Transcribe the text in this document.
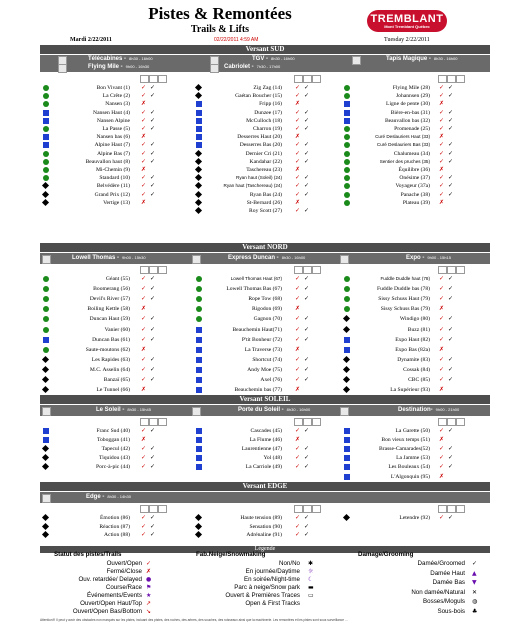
Pistes & Remontées
Trails & Lifts
TREMBLANT
Mont Tremblant Québec
Mardi 2/22/2011	02/22/2011 4:59 AM	Tuesday 2/22/2011
Versant SUD
Télécabines - 8h30 - 16h00
Flying Mile - 9h00 - 16h30
TGV - 8h30 - 16h00
Cabriolet - 7h30 - 17h00
Tapis Magique - 8h30 - 16h00
Bon Vivant (1) ✓ ✓
La Crête (2) ✓ ✓
Nansen (3) ✗
Nansen Haut (4) ✓ ✓
Nansen Alpine ✓ ✓
La Passe (5) ✓ ✓
Nansen bas (6) ✗
Alpine Haut (7) ✓ ✓
Alpine Bas (7) ✓ ✓
Beauvallon haut (8) ✓ ✓
Mi-Chemin (9) ✗
Standard (10) ✓ ✓
Belvédère (11) ✓ ✓
Grand Prix (12) ✓ ✓
Vertige (13) ✗
Zig Zag (14) ✓ ✓
Gaétan Boucher (15) ✓ ✓
Fripp (16) ✗
Dunzee (17) ✓ ✓
McCulloch (18) ✓ ✓
Charron (19) ✓ ✓
Desserres Haut (20) ✗
Desserres Bas (20) ✓ ✓
Dernier Cri (21) ✓ ✓
Kandahar (22) ✓ ✓
Taschereau (23) ✗
Ryan haut (Soleil) (24) ✓ ✓
Ryan haut (Taschereau) (24) ✓ ✓
Ryan Bas (24) ✓ ✓
St-Bernard (26) ✗
Roy Scott (27) ✓ ✓
Flying Mile (28) ✓ ✓
Johannsen (29) ✓ ✓
Ligne de pente (30) ✗
Bière-en-bas (31) ✓ ✓
Beauvallon bas (32) ✓ ✓
Promenade (25) ✓ ✓
Curé Deslauriers Haut (33) ✗
Curé Deslauriers Bas (33) ✓ ✓
Chalumeau (34) ✓ ✓
Sentier des pruches (35) ✓ ✓
Équilibre (36) ✗
Onésime (37) ✓ ✓
Voyageur (37a) ✓ ✓
Panache (38) ✓ ✓
Plateau (39) ✗
Versant NORD
Lowell Thomas - 9h00 - 15h30	Express Duncan - 8h30 - 16h00	Expo - 9h00 - 15h15
Géant (55) ✓ ✓
Boomerang (56) ✓ ✓
Devil's River (57) ✓ ✓
Boiling Kettle (58) ✗
Duncan Haut (59) ✓ ✓
Vanier (60) ✓ ✓
Duncan Bas (61) ✓ ✓
Saute-moutons (62) ✗
Les Rapides (63) ✓ ✓
M.C. Asselin (64) ✓ ✓
Banzaï (65) ✓ ✓
Le Tunnel (66) ✗
Lowell Thomas Haut (67) ✓ ✓
Lowell Thomas Bas (67) ✓ ✓
Rope Tow (68) ✓ ✓
Rigodon (69) ✗
Gagnon (70) ✓ ✓
Beauchemin Haut(71) ✓ ✓
P'tit Bonheur (72) ✓ ✓
La Traverse (73) ✗
Shortcut (74) ✓ ✓
Andy Moe (75) ✓ ✓
Axel (76) ✓ ✓
Beauchemin bas (77) ✗
Fuddle Duddle haut (78) ✓ ✓
Fuddle Duddle bas (78) ✓ ✓
Sissy Schuss Haut (79) ✓ ✓
Sissy Schuss Bas (79) ✗
Windigo (80) ✓ ✓
Buzz (81) ✓ ✓
Expo Haut (82) ✓ ✓
Expo Bas (82a) ✗
Dynamite (83) ✓ ✓
Cossak (84) ✓ ✓
CBC (85) ✓ ✓
La Supérieur (93) ✗
Versant SOLEIL
Le Soleil - 8h30 - 15h45	Porte du Soleil - 8h30 - 16h00	Destination- 9h00 - 21h00
Franc Sud (40) ✓ ✓
Toboggan (41) ✗
Tapecul (42) ✓ ✓
Tiquidou (43) ✓ ✓
Porc-à-pic (44) ✓ ✓
Cascades (45) ✓ ✓
La Flume (46) ✗
Laurentienne (47) ✓ ✓
Yol (48) ✓ ✓
La Carriole (49) ✓ ✓
La Garette (50) ✓ ✓
Bon vieux temps (51) ✗
Brasse-Camarades(52) ✓ ✓
La Jamme (53) ✓ ✓
Les Bouleaux (54) ✓ ✓
L'Algonquin (95) ✗
Versant EDGE
Edge - 8h30 - 14h30
Émotion (86) ✓ ✓
Réaction (87) ✓ ✓
Action (88) ✓ ✓
Haute tension (89) ✓ ✓
Sensation (90) ✓ ✓
Adrénaline (91) ✓ ✓
Letendre (92) ✓ ✓
Légende
Statut des pistes/Trails	Fab.Neige/Snowmaking	Damage/Grooming
Ouvert/Open ✓
Fermé/Close ✗
Ouv. retardée/ Delayed ●
Course/Race ⚑
Événements/Events ★
Ouvert/Open Haut/Top ↗
Ouvert/Open Bas/Bottom ↘
Non/No ✱
En journée/Daytime ☼
En soirée/Night-time ☾
Parc à neige/Snow park ▬
Ouvert & Premières Traces ▭
Open & First Tracks
Damée/Groomed ✓
Damée Haut ▲
Damée Bas ▼
Non damée/Natural ✕
Bosses/Moguls ◍
Sous-bois ♣
Attention!!! Il peut y avoir des obstacles non marqués sur les pistes, incluant des pistes, des roches, des arbres, des souches, des ruisseaux ainsi que la machinerie. Les remontées et les pistes sont sous surveillance ...
